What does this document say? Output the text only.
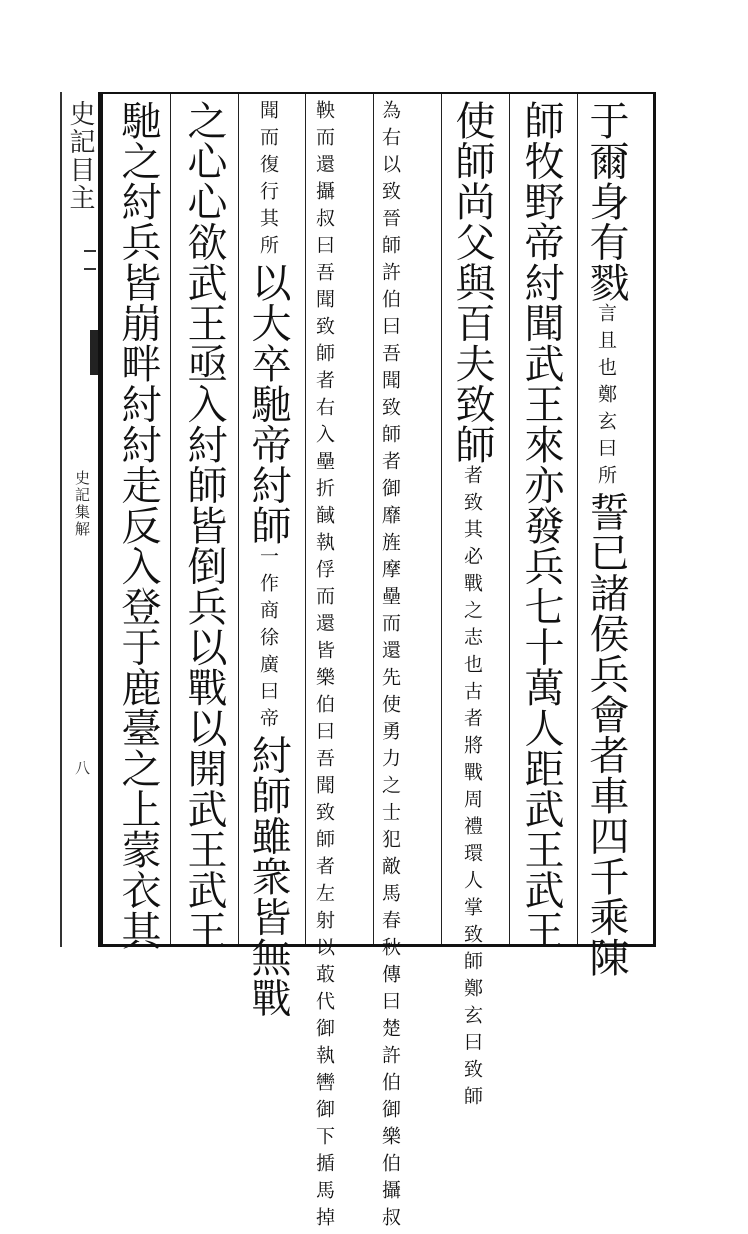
史記目主
史記集解
八
于爾身有戮
鄭玄曰所
言且也
誓已諸侯兵會者車四千乘陳
師牧野帝紂聞武王來亦發兵七十萬人距武王武王
使師尚父與百夫致師
周禮環人掌致師鄭玄曰致師
者致其必戰之志也古者將戰
先使勇力之士犯敵馬春秋傳曰楚許伯御樂伯攝叔
為右以致晉師許伯曰吾聞致師者御靡旌摩壘而還
樂伯曰吾聞致師者左射以菆代御執轡御下揗馬掉
鞅而還攝叔曰吾聞致師者右入壘折馘執俘而還皆
行其所
聞而復
以大卒馳帝紂師
徐廣曰帝
一作商
紂師雖衆皆無戰
之心心欲武王亟入紂師皆倒兵以戰以開武王武王
馳之紂兵皆崩畔紂紂走反入登于鹿臺之上蒙衣其
